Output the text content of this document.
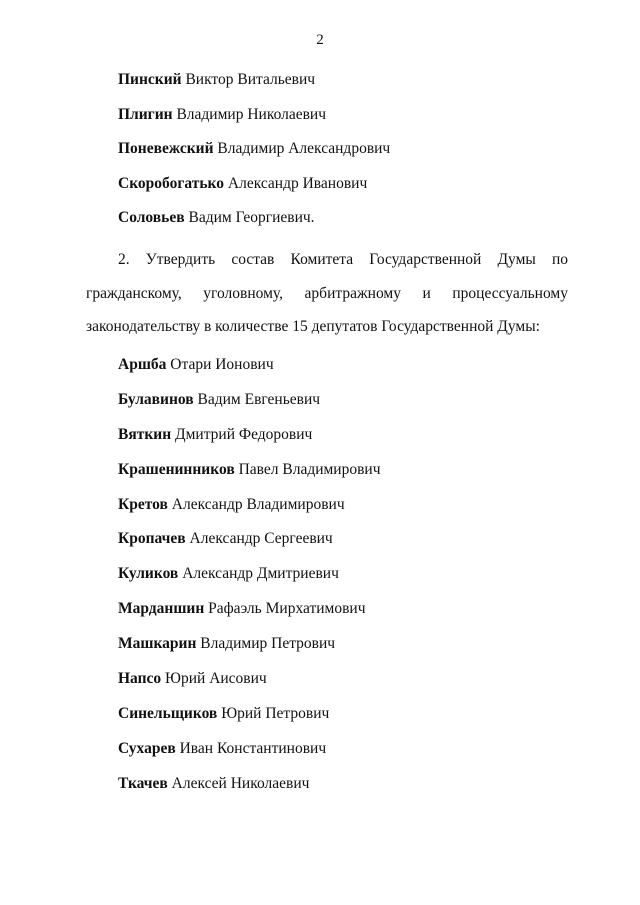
2
Пинский Виктор Витальевич
Плигин Владимир Николаевич
Поневежский Владимир Александрович
Скоробогатько Александр Иванович
Соловьев Вадим Георгиевич.
2. Утвердить состав Комитета Государственной Думы по
гражданскому, уголовному, арбитражному и процессуальному
законодательству в количестве 15 депутатов Государственной Думы:
Аршба Отари Ионович
Булавинов Вадим Евгеньевич
Вяткин Дмитрий Федорович
Крашенинников Павел Владимирович
Кретов Александр Владимирович
Кропачев Александр Сергеевич
Куликов Александр Дмитриевич
Марданшин Рафаэль Мирхатимович
Машкарин Владимир Петрович
Напсо Юрий Аисович
Синельщиков Юрий Петрович
Сухарев Иван Константинович
Ткачев Алексей Николаевич
